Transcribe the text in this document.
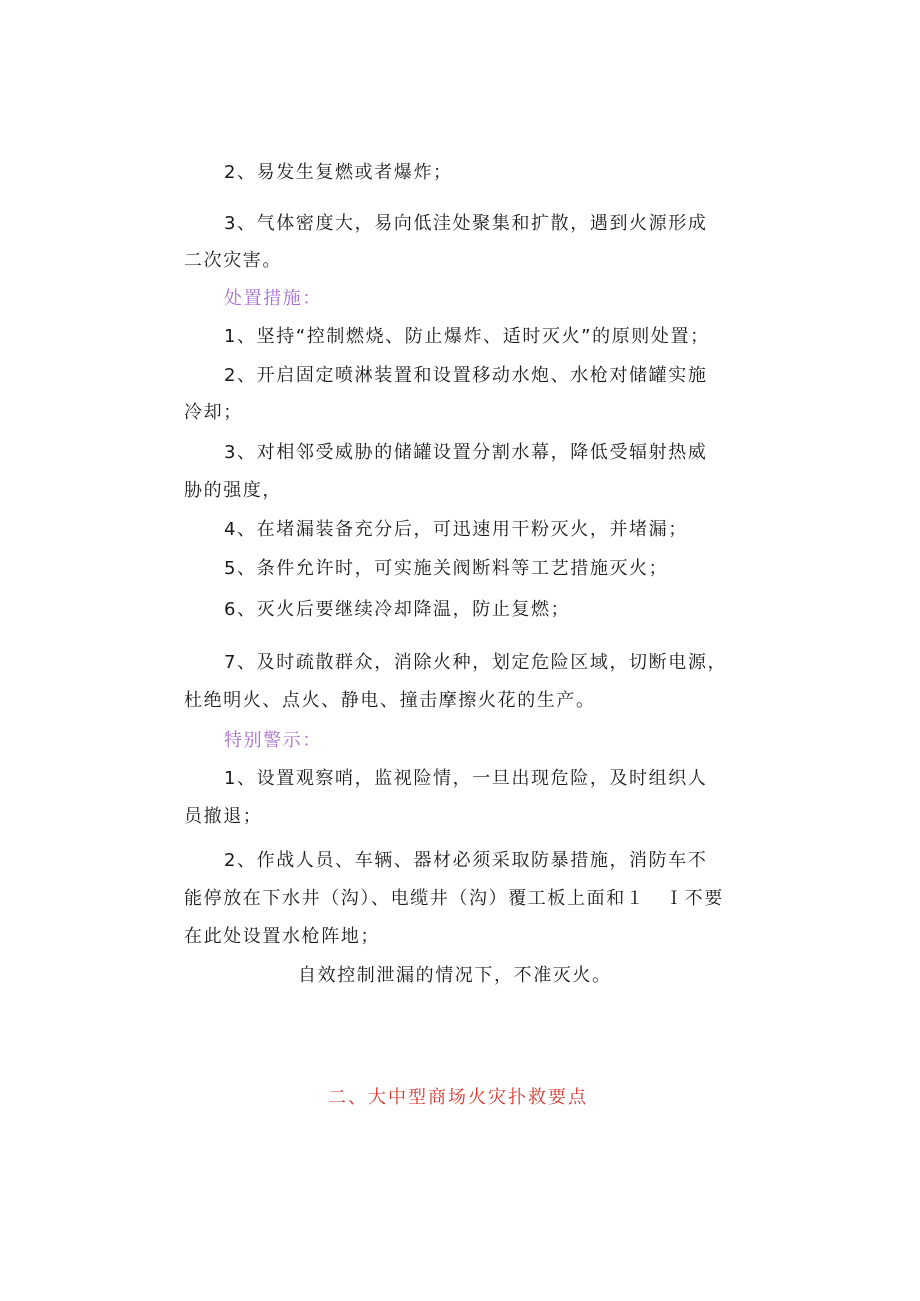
2、易发生复燃或者爆炸；
3、气体密度大，易向低洼处聚集和扩散，遇到火源形成
二次灾害。
处置措施：
1、坚持“控制燃烧、防止爆炸、适时灭火”的原则处置；
2、开启固定喷淋装置和设置移动水炮、水枪对储罐实施
冷却；
3、对相邻受威胁的储罐设置分割水幕，降低受辐射热威
胁的强度，
4、在堵漏装备充分后，可迅速用干粉灭火，并堵漏；
5、条件允许时，可实施关阀断料等工艺措施灭火；
6、灭火后要继续冷却降温，防止复燃；
7、及时疏散群众，消除火种，划定危险区域，切断电源，
杜绝明火、点火、静电、撞击摩擦火花的生产。
特别警示：
1、设置观察哨，监视险情，一旦出现危险，及时组织人
员撤退；
2、作战人员、车辆、器材必须采取防暴措施，消防车不
能停放在下水井（沟）、电缆井（沟）覆工板上面和１　Ｉ不要
在此处设置水枪阵地；
自效控制泄漏的情况下，不准灭火。
二、大中型商场火灾扑救要点
